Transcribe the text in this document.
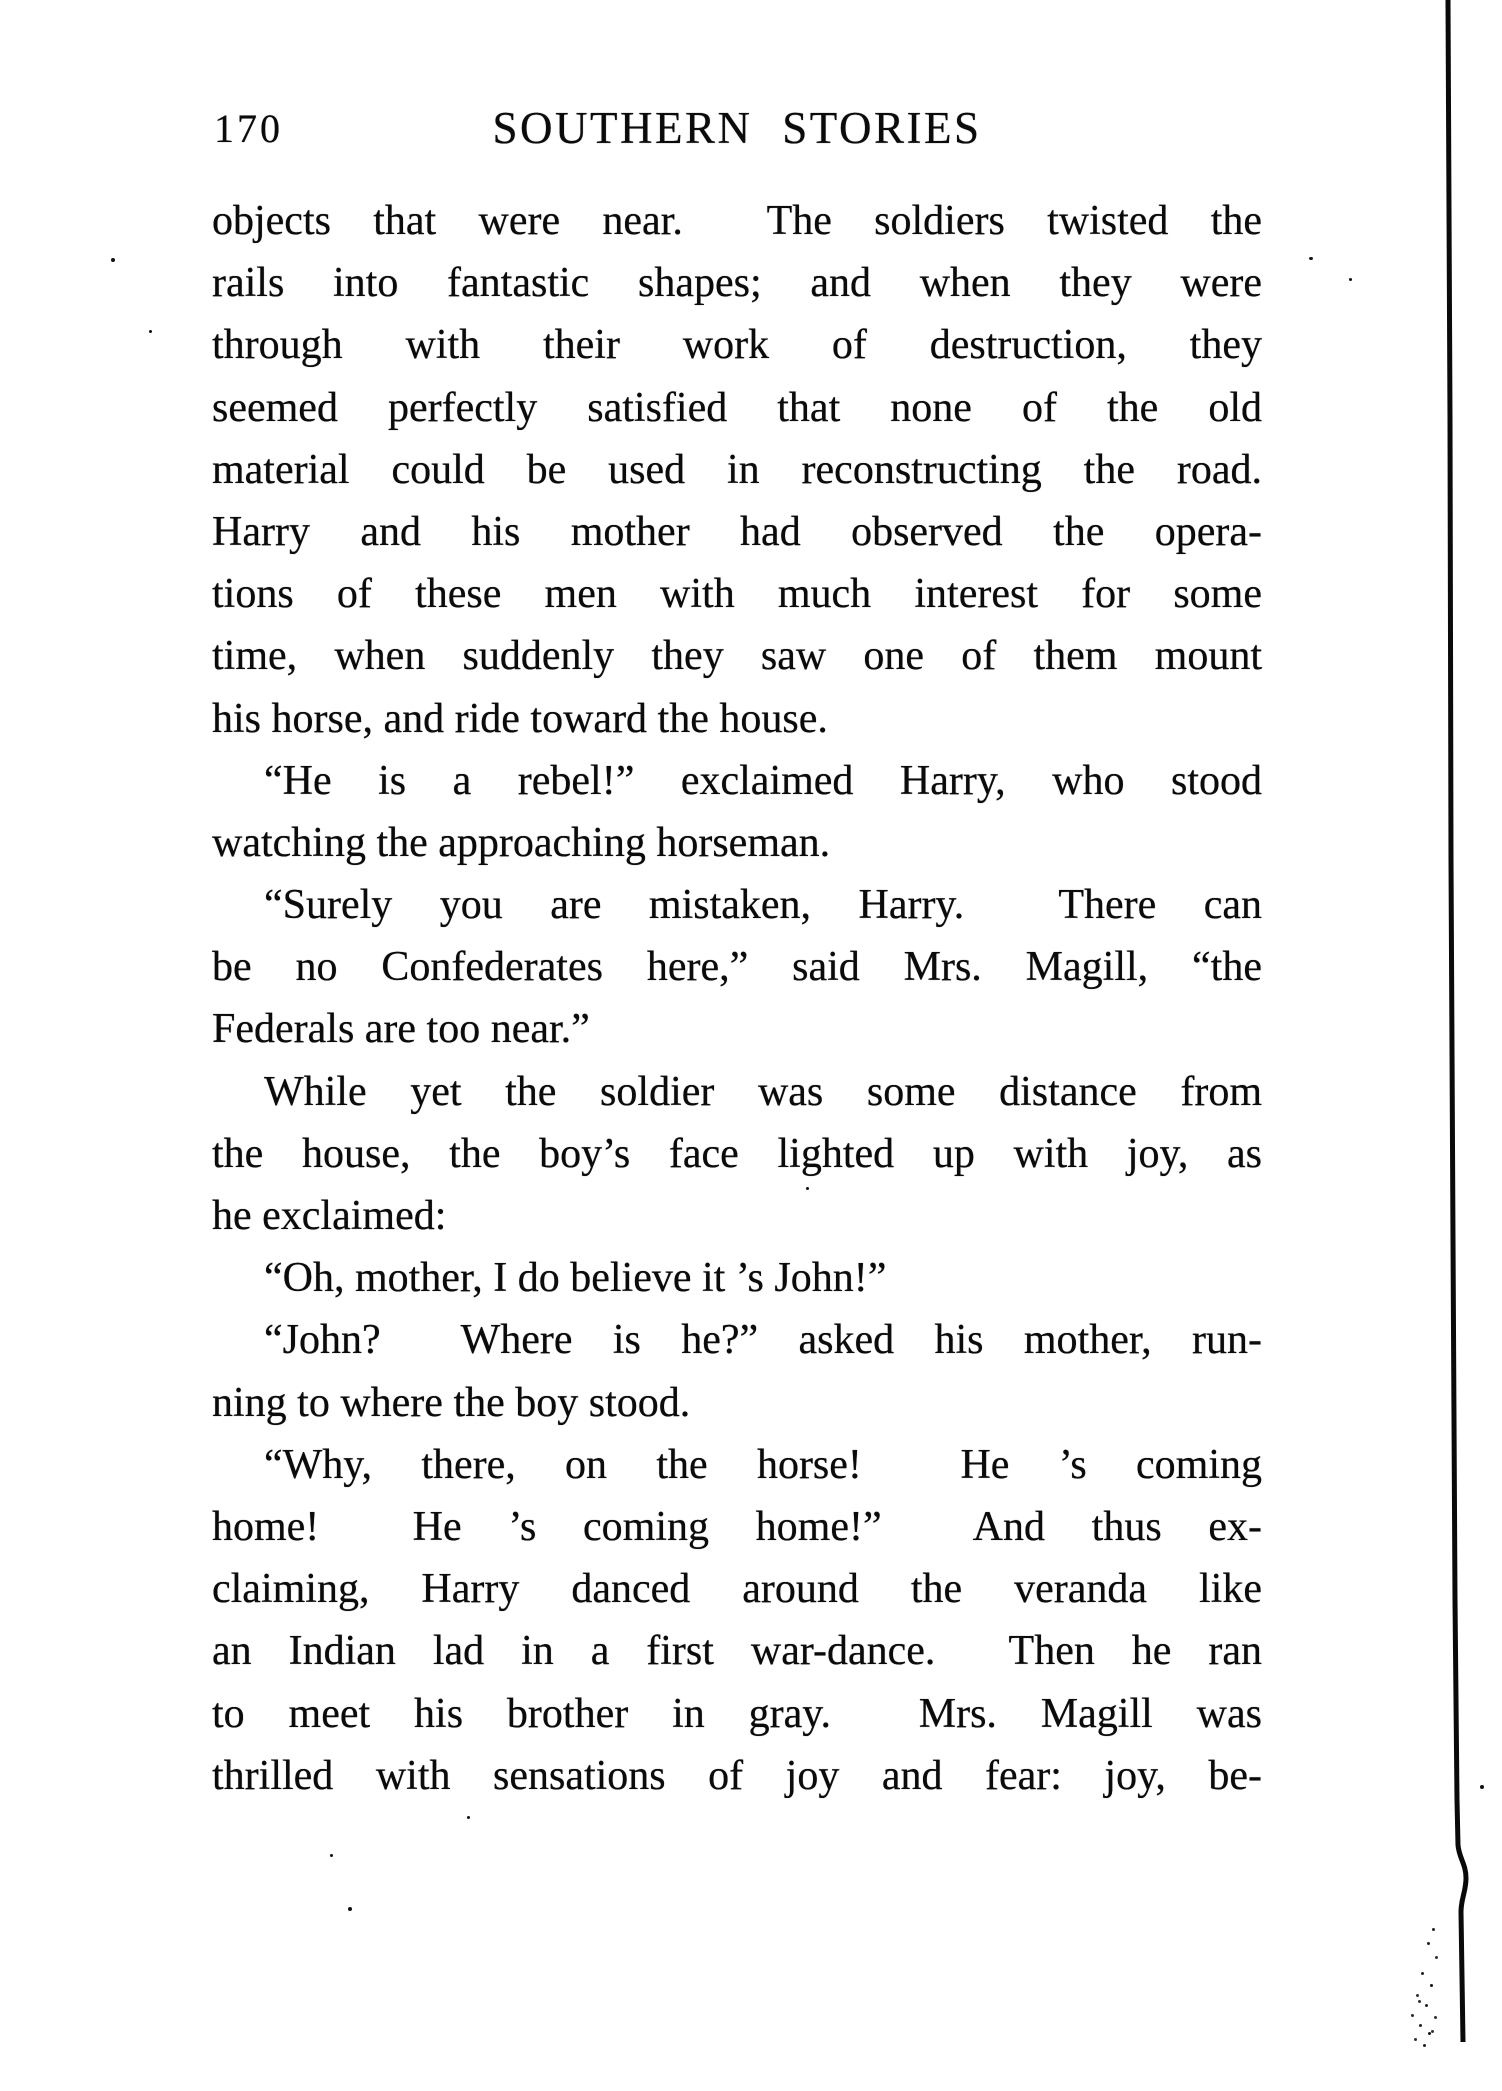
170	SOUTHERN STORIES
objects that were near.  The soldiers twisted the
rails into fantastic shapes; and when they were
through with their work of destruction, they
seemed perfectly satisfied that none of the old
material could be used in reconstructing the road.
Harry and his mother had observed the opera-
tions of these men with much interest for some
time, when suddenly they saw one of them mount
his horse, and ride toward the house.
“He is a rebel!” exclaimed Harry, who stood
watching the approaching horseman.
“Surely you are mistaken, Harry.  There can
be no Confederates here,” said Mrs. Magill, “the
Federals are too near.”
While yet the soldier was some distance from
the house, the boy’s face lighted up with joy, as
he exclaimed:
“Oh, mother, I do believe it ’s John!”
“John?  Where is he?” asked his mother, run-
ning to where the boy stood.
“Why, there, on the horse!  He ’s coming
home!  He ’s coming home!”  And thus ex-
claiming, Harry danced around the veranda like
an Indian lad in a first war-dance.  Then he ran
to meet his brother in gray.  Mrs. Magill was
thrilled with sensations of joy and fear: joy, be-
